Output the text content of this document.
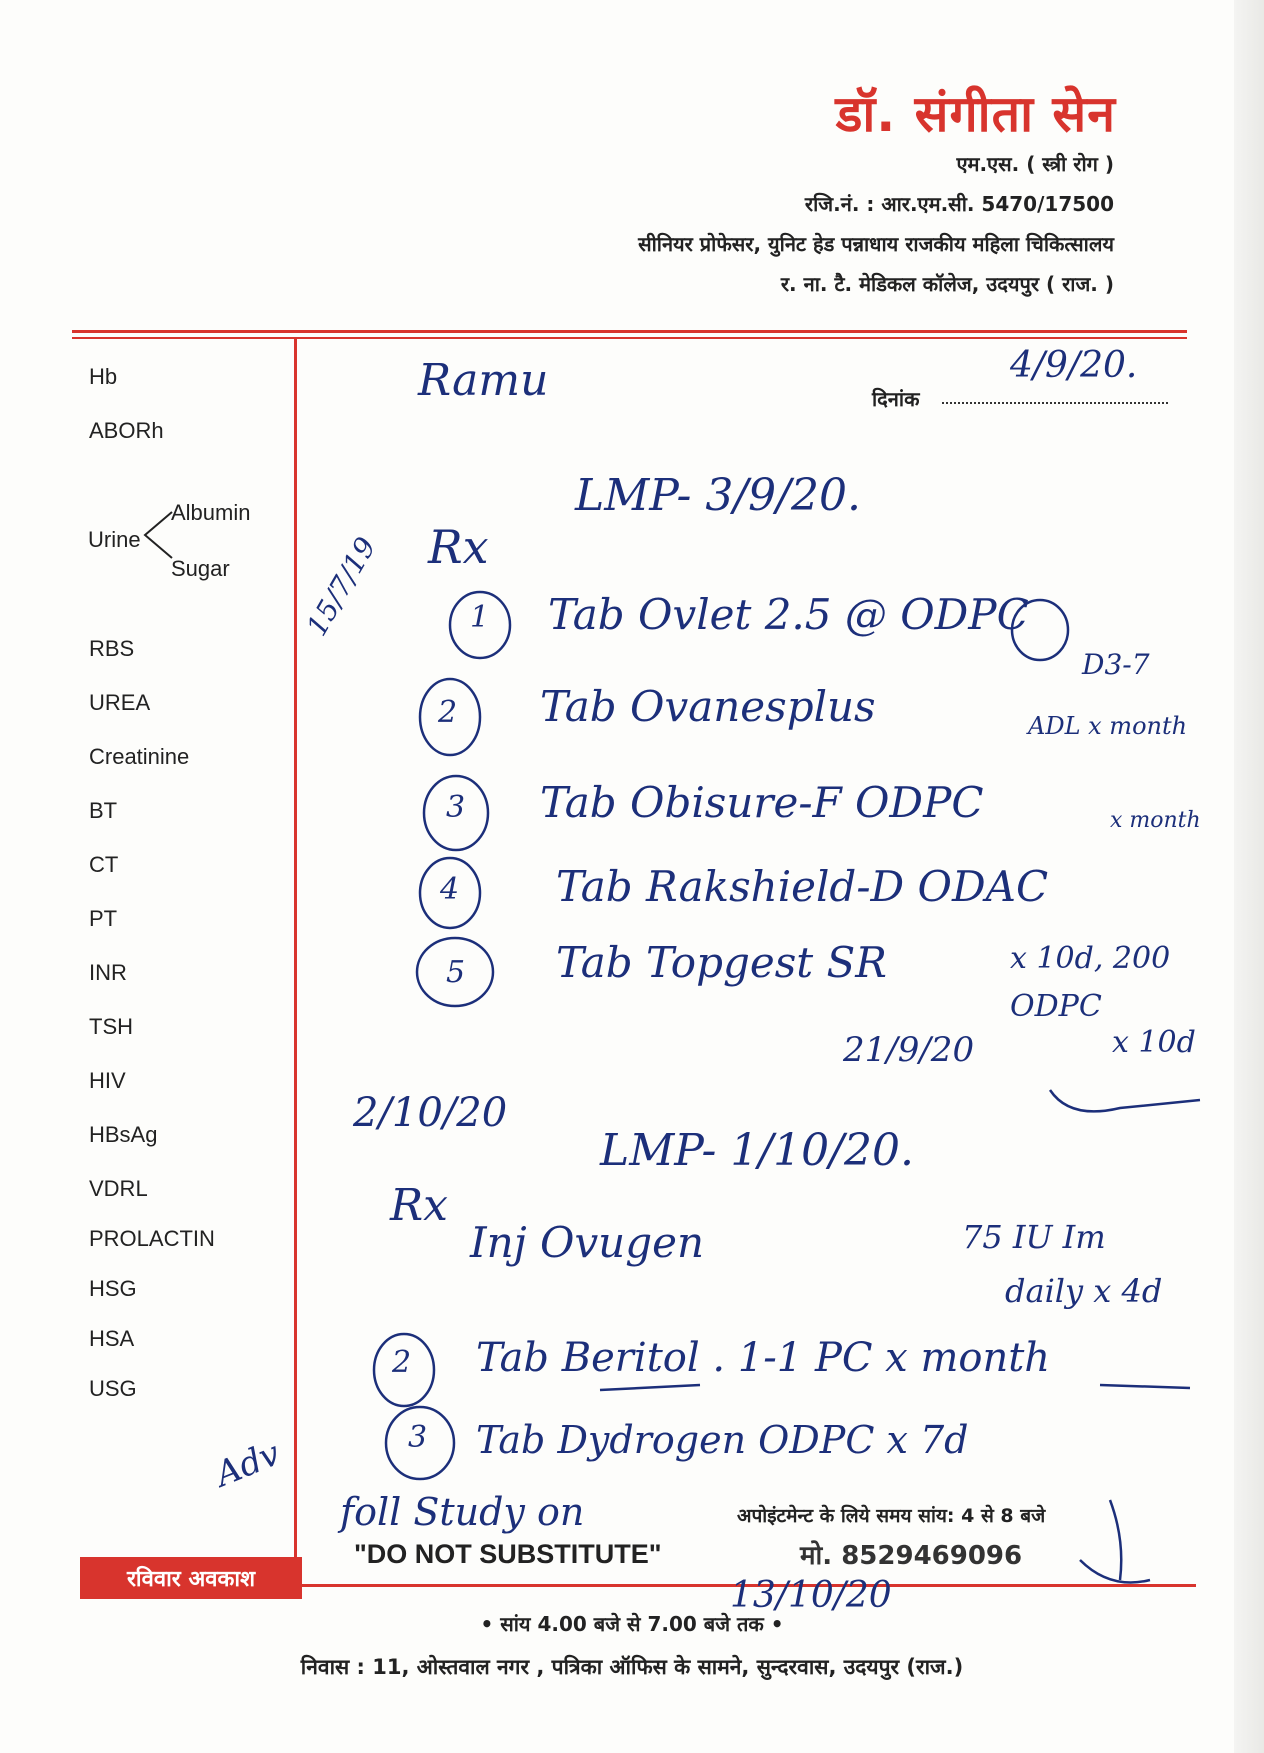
डॉ. संगीता सेन
एम.एस. ( स्त्री रोग )
रजि.नं. : आर.एम.सी. 5470/17500
सीनियर प्रोफेसर, युनिट हेड पन्नाधाय राजकीय महिला चिकित्सालय
र. ना. टै. मेडिकल कॉलेज, उदयपुर ( राज. )
Hb
ABORh
Urine
Albumin
Sugar
RBS
UREA
Creatinine
BT
CT
PT
INR
TSH
HIV
HBsAg
VDRL
PROLACTIN
HSG
HSA
USG
रविवार अवकाश
दिनांक
अपोइंटमेन्ट के लिये समय सांय: 4 से 8 बजे
"DO NOT SUBSTITUTE"	मो. 8529469096
• सांय 4.00 बजे से 7.00 बजे तक •
निवास : 11, ओस्तवाल नगर , पत्रिका ऑफिस के सामने, सुन्दरवास, उदयपुर (राज.)
Ramu	4/9/20.
LMP- 3/9/20.
Rx
15/7/19	1 Tab Ovlet 2.5 @ ODPC
D3-7
2 Tab Ovanesplus	ADL x month
3 Tab Obisure-F ODPC	x month
4 Tab Rakshield-D ODAC
5 Tab Topgest SR	x 10d, 200 ODPC
21/9/20	x 10d
2/10/20
LMP- 1/10/20.
Rx
Inj Ovugen	75 IU Im
daily x 4d
2 Tab Beritol . 1-1 PC x month
3 Tab Dydrogen ODPC x 7d
Adv
foll Study on
13/10/20
